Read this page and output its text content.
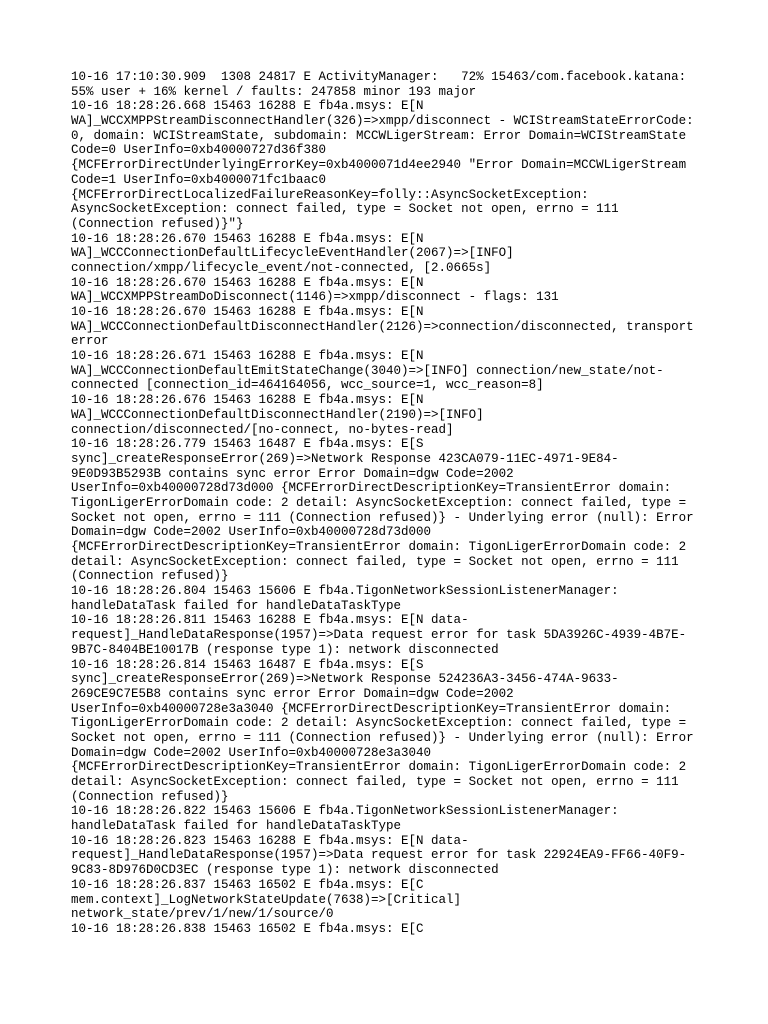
10-16 17:10:30.909  1308 24817 E ActivityManager:   72% 15463/com.facebook.katana:
55% user + 16% kernel / faults: 247858 minor 193 major
10-16 18:28:26.668 15463 16288 E fb4a.msys: E[N
WA]_WCCXMPPStreamDisconnectHandler(326)=>xmpp/disconnect - WCIStreamStateErrorCode:
0, domain: WCIStreamState, subdomain: MCCWLigerStream: Error Domain=WCIStreamState
Code=0 UserInfo=0xb40000727d36f380
{MCFErrorDirectUnderlyingErrorKey=0xb4000071d4ee2940 "Error Domain=MCCWLigerStream
Code=1 UserInfo=0xb4000071fc1baac0
{MCFErrorDirectLocalizedFailureReasonKey=folly::AsyncSocketException:
AsyncSocketException: connect failed, type = Socket not open, errno = 111
(Connection refused)}"}
10-16 18:28:26.670 15463 16288 E fb4a.msys: E[N
WA]_WCCConnectionDefaultLifecycleEventHandler(2067)=>[INFO]
connection/xmpp/lifecycle_event/not-connected, [2.0665s]
10-16 18:28:26.670 15463 16288 E fb4a.msys: E[N
WA]_WCCXMPPStreamDoDisconnect(1146)=>xmpp/disconnect - flags: 131
10-16 18:28:26.670 15463 16288 E fb4a.msys: E[N
WA]_WCCConnectionDefaultDisconnectHandler(2126)=>connection/disconnected, transport
error
10-16 18:28:26.671 15463 16288 E fb4a.msys: E[N
WA]_WCCConnectionDefaultEmitStateChange(3040)=>[INFO] connection/new_state/not-
connected [connection_id=464164056, wcc_source=1, wcc_reason=8]
10-16 18:28:26.676 15463 16288 E fb4a.msys: E[N
WA]_WCCConnectionDefaultDisconnectHandler(2190)=>[INFO]
connection/disconnected/[no-connect, no-bytes-read]
10-16 18:28:26.779 15463 16487 E fb4a.msys: E[S
sync]_createResponseError(269)=>Network Response 423CA079-11EC-4971-9E84-
9E0D93B5293B contains sync error Error Domain=dgw Code=2002
UserInfo=0xb40000728d73d000 {MCFErrorDirectDescriptionKey=TransientError domain:
TigonLigerErrorDomain code: 2 detail: AsyncSocketException: connect failed, type =
Socket not open, errno = 111 (Connection refused)} - Underlying error (null): Error
Domain=dgw Code=2002 UserInfo=0xb40000728d73d000
{MCFErrorDirectDescriptionKey=TransientError domain: TigonLigerErrorDomain code: 2
detail: AsyncSocketException: connect failed, type = Socket not open, errno = 111
(Connection refused)}
10-16 18:28:26.804 15463 15606 E fb4a.TigonNetworkSessionListenerManager:
handleDataTask failed for handleDataTaskType
10-16 18:28:26.811 15463 16288 E fb4a.msys: E[N data-
request]_HandleDataResponse(1957)=>Data request error for task 5DA3926C-4939-4B7E-
9B7C-8404BE10017B (response type 1): network disconnected
10-16 18:28:26.814 15463 16487 E fb4a.msys: E[S
sync]_createResponseError(269)=>Network Response 524236A3-3456-474A-9633-
269CE9C7E5B8 contains sync error Error Domain=dgw Code=2002
UserInfo=0xb40000728e3a3040 {MCFErrorDirectDescriptionKey=TransientError domain:
TigonLigerErrorDomain code: 2 detail: AsyncSocketException: connect failed, type =
Socket not open, errno = 111 (Connection refused)} - Underlying error (null): Error
Domain=dgw Code=2002 UserInfo=0xb40000728e3a3040
{MCFErrorDirectDescriptionKey=TransientError domain: TigonLigerErrorDomain code: 2
detail: AsyncSocketException: connect failed, type = Socket not open, errno = 111
(Connection refused)}
10-16 18:28:26.822 15463 15606 E fb4a.TigonNetworkSessionListenerManager:
handleDataTask failed for handleDataTaskType
10-16 18:28:26.823 15463 16288 E fb4a.msys: E[N data-
request]_HandleDataResponse(1957)=>Data request error for task 22924EA9-FF66-40F9-
9C83-8D976D0CD3EC (response type 1): network disconnected
10-16 18:28:26.837 15463 16502 E fb4a.msys: E[C
mem.context]_LogNetworkStateUpdate(7638)=>[Critical]
network_state/prev/1/new/1/source/0
10-16 18:28:26.838 15463 16502 E fb4a.msys: E[C
